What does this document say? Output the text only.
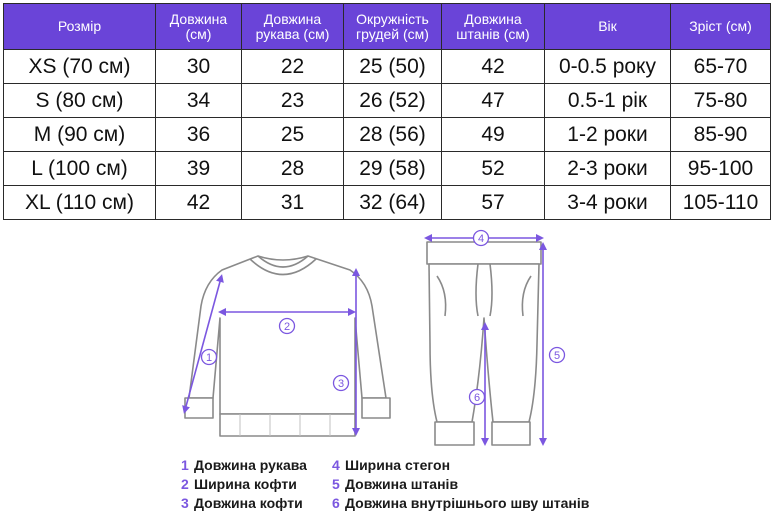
Розмір	Довжина (см)	Довжина рукава (см)	Окружність грудей (см)	Довжина штанів (см)	Вік	Зріст (см)
XS (70 см)	30	22	25 (50)	42	0-0.5 року	65-70
S (80 см)	34	23	26 (52)	47	0.5-1 рік	75-80
M (90 см)	36	25	28 (56)	49	1-2 роки	85-90
L (100 см)	39	28	29 (58)	52	2-3 роки	95-100
XL (110 см)	42	31	32 (64)	57	3-4 роки	105-110
1
2
3
4
5
6
1 Довжина рукава
2 Ширина кофти
3 Довжина кофти
4 Ширина стегон
5 Довжина штанів
6 Довжина внутрішнього шву штанів
